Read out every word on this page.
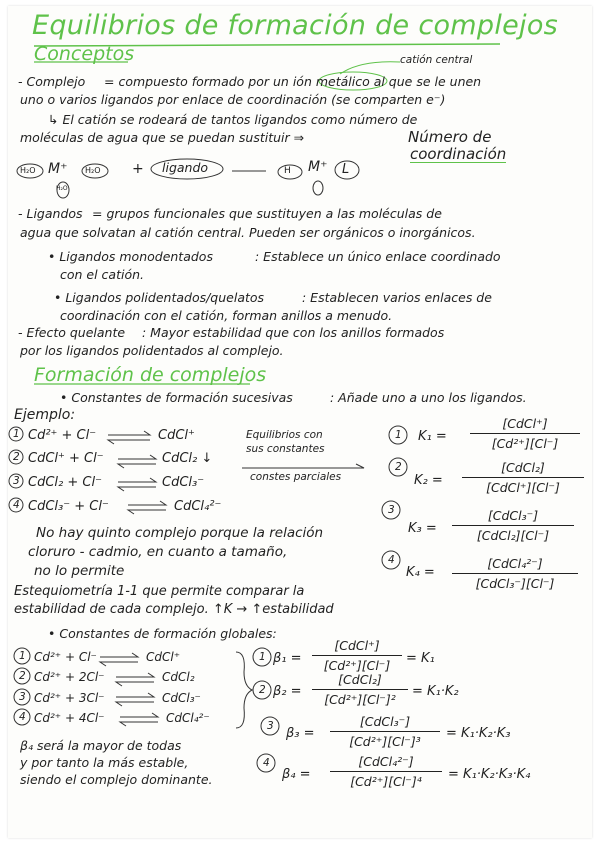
Equilibrios de formación de complejos
Conceptos	catión central
- Complejo = compuesto formado por un ión metálico al que se le unen
uno o varios ligandos por enlace de coordinación (se comparten e⁻)
↳ El catión se rodeará de tantos ligandos como número de
moléculas de agua que se puedan sustituir ⇒	Número de
coordinación
H₂O M⁺ H₂O
H₂O
+ ligando	H M⁺ L
- Ligandos = grupos funcionales que sustituyen a las moléculas de
agua que solvatan al catión central. Pueden ser orgánicos o inorgánicos.
• Ligandos monodentados	: Establece un único enlace coordinado
con el catión.
• Ligandos polidentados/quelatos	: Establecen varios enlaces de
coordinación con el catión, forman anillos a menudo.
- Efecto quelante : Mayor estabilidad que con los anillos formados
por los ligandos polidentados al complejo.
Formación de complejos
• Constantes de formación sucesivas	: Añade uno a uno los ligandos.
Ejemplo:
1 Cd²⁺ + Cl⁻	CdCl⁺
2 CdCl⁺ + Cl⁻	CdCl₂ ↓
3 CdCl₂ + Cl⁻	CdCl₃⁻
4 CdCl₃⁻ + Cl⁻	CdCl₄²⁻
Equilibrios con
sus constantes
constes parciales
1 K₁ =
[CdCl⁺]
[Cd²⁺][Cl⁻]
2
K₂ =
[CdCl₂]
[CdCl⁺][Cl⁻]
3
K₃ =
[CdCl₃⁻]
[CdCl₂][Cl⁻]
4
K₄ =
[CdCl₄²⁻]
[CdCl₃⁻][Cl⁻]
No hay quinto complejo porque la relación
cloruro - cadmio, en cuanto a tamaño,
no lo permite
Estequiometría 1-1 que permite comparar la
estabilidad de cada complejo. ↑K → ↑estabilidad
• Constantes de formación globales:
1 Cd²⁺ + Cl⁻	CdCl⁺
2 Cd²⁺ + 2Cl⁻	CdCl₂
3 Cd²⁺ + 3Cl⁻	CdCl₃⁻
4 Cd²⁺ + 4Cl⁻	CdCl₄²⁻
1 β₁ =
[CdCl⁺]
[Cd²⁺][Cl⁻]	= K₁
2 β₂ =
[CdCl₂]
[Cd²⁺][Cl⁻]²
= K₁·K₂
3 β₃ =
[CdCl₃⁻]
[Cd²⁺][Cl⁻]³
= K₁·K₂·K₃
4
β₄ =
[CdCl₄²⁻]
[Cd²⁺][Cl⁻]⁴	= K₁·K₂·K₃·K₄
β₄ será la mayor de todas
y por tanto la más estable,
siendo el complejo dominante.
